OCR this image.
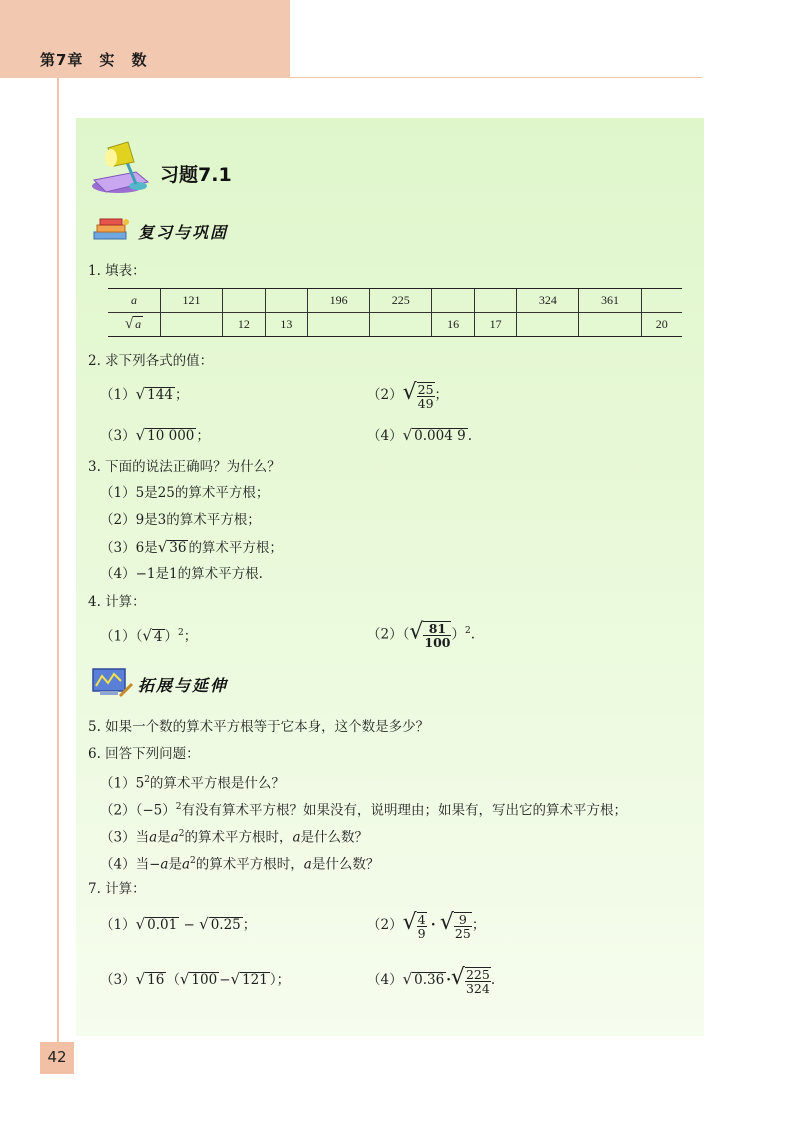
第7章　实　数
习题7.1
复习与巩固
1. 填表：
a	121			196	225			324	361	
√ a		12	13			16	17			20
2. 求下列各式的值：
（1）√ 144 ；	$(2)√ \frac{25}{49}$ ；
（3）√ 10 000 ；	（4）√ 0.004 9 .
3. 下面的说法正确吗？为什么？
（1）5是25的算术平方根；
（2）9是3的算术平方根；
（3）6是√ 36 的算术平方根；
（4）−1是1的算术平方根.
4. 计算：
（1）（√ 4 ）$^2$；	$(2)(√ \frac{81}{100} )^2$.
拓展与延伸
5. 如果一个数的算术平方根等于它本身，这个数是多少？
6. 回答下列问题：
$(1)5^2$的算术平方根是什么？
$(2)(-5)^2$有没有算术平方根？如果没有，说明理由；如果有，写出它的算术平方根；
（3）当a是$a^2$的算术平方根时，a是什么数？
（4）当−a是$a^2$的算术平方根时，a是什么数？
7. 计算：
（1）√ 0.01 − √ 0.25 ；	$(2)√ \frac{4}{9}$ · √ $\frac{9}{25}$ ；
（3）√ 16 （√ 100 −√ 121 ）；	（4）√ 0.36 ·√ $\frac{225}{324}$ .
42
